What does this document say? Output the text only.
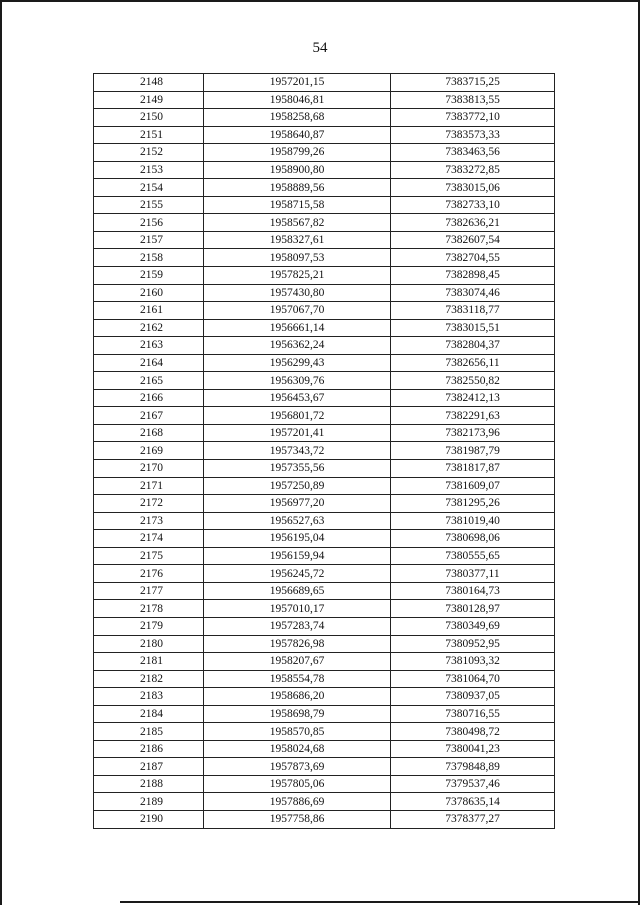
54
2148	1957201,15	7383715,25
2149	1958046,81	7383813,55
2150	1958258,68	7383772,10
2151	1958640,87	7383573,33
2152	1958799,26	7383463,56
2153	1958900,80	7383272,85
2154	1958889,56	7383015,06
2155	1958715,58	7382733,10
2156	1958567,82	7382636,21
2157	1958327,61	7382607,54
2158	1958097,53	7382704,55
2159	1957825,21	7382898,45
2160	1957430,80	7383074,46
2161	1957067,70	7383118,77
2162	1956661,14	7383015,51
2163	1956362,24	7382804,37
2164	1956299,43	7382656,11
2165	1956309,76	7382550,82
2166	1956453,67	7382412,13
2167	1956801,72	7382291,63
2168	1957201,41	7382173,96
2169	1957343,72	7381987,79
2170	1957355,56	7381817,87
2171	1957250,89	7381609,07
2172	1956977,20	7381295,26
2173	1956527,63	7381019,40
2174	1956195,04	7380698,06
2175	1956159,94	7380555,65
2176	1956245,72	7380377,11
2177	1956689,65	7380164,73
2178	1957010,17	7380128,97
2179	1957283,74	7380349,69
2180	1957826,98	7380952,95
2181	1958207,67	7381093,32
2182	1958554,78	7381064,70
2183	1958686,20	7380937,05
2184	1958698,79	7380716,55
2185	1958570,85	7380498,72
2186	1958024,68	7380041,23
2187	1957873,69	7379848,89
2188	1957805,06	7379537,46
2189	1957886,69	7378635,14
2190	1957758,86	7378377,27
